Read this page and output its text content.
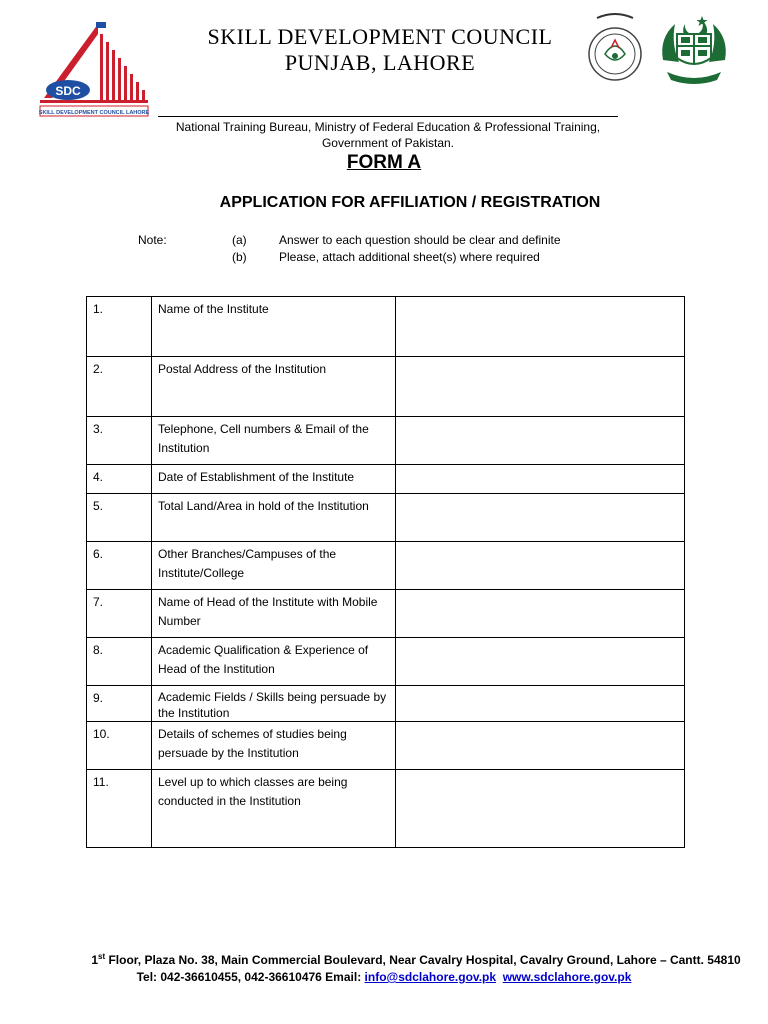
SDC
SKILL DEVELOPMENT COUNCIL LAHORE
SKILL DEVELOPMENT COUNCIL
PUNJAB, LAHORE
National Training Bureau, Ministry of Federal Education & Professional Training,
Government of Pakistan.
FORM A
APPLICATION FOR AFFILIATION / REGISTRATION
Note:	(a)	Answer to each question should be clear and definite
(b)	Please, attach additional sheet(s) where required
1.	Name of the Institute	

2.	Postal Address of the Institution	

3.	Telephone, Cell numbers & Email of the Institution	

4.	Date of Establishment of the Institute	

5.	Total Land/Area in hold of the Institution	

6.	Other Branches/Campuses of the Institute/College	

7.	Name of Head of the Institute with Mobile Number	

8.	Academic Qualification & Experience of Head of the Institution	

9.	Academic Fields / Skills being persuade by the Institution	

10.	Details of schemes of studies being persuade by the Institution	

11.	Level up to which classes are being conducted in the Institution	

1st Floor, Plaza No. 38, Main Commercial Boulevard, Near Cavalry Hospital, Cavalry Ground, Lahore – Cantt. 54810
Tel: 042-36610455, 042-36610476 Email: info@sdclahore.gov.pk www.sdclahore.gov.pk
